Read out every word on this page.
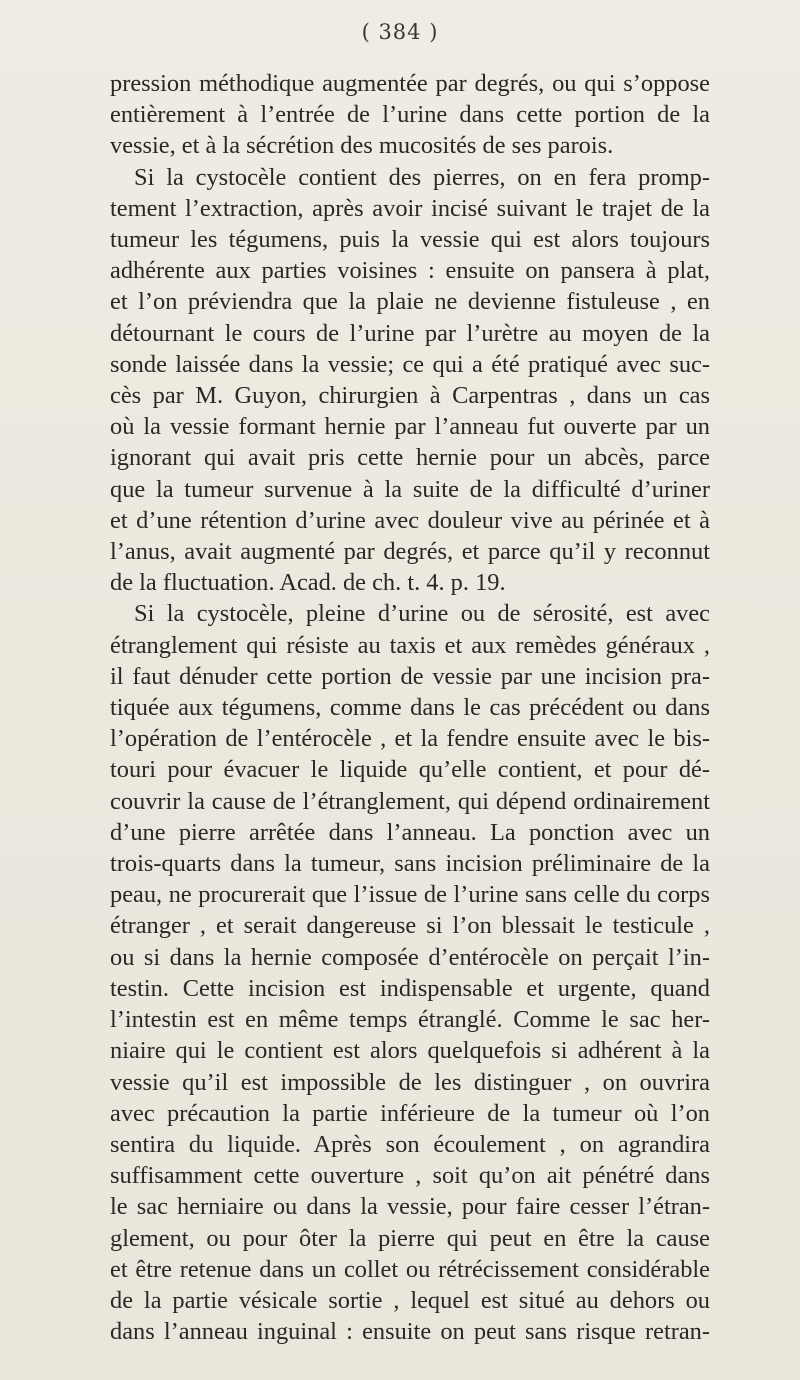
( 384 )
pression méthodique augmentée par degrés, ou qui s’oppose
entièrement à l’entrée de l’urine dans cette portion de la
vessie, et à la sécrétion des mucosités de ses parois.
Si la cystocèle contient des pierres, on en fera promp-
tement l’extraction, après avoir incisé suivant le trajet de la
tumeur les tégumens, puis la vessie qui est alors toujours
adhérente aux parties voisines : ensuite on pansera à plat,
et l’on préviendra que la plaie ne devienne fistuleuse , en
détournant le cours de l’urine par l’urètre au moyen de la
sonde laissée dans la vessie; ce qui a été pratiqué avec suc-
cès par M. Guyon, chirurgien à Carpentras , dans un cas
où la vessie formant hernie par l’anneau fut ouverte par un
ignorant qui avait pris cette hernie pour un abcès, parce
que la tumeur survenue à la suite de la difficulté d’uriner
et d’une rétention d’urine avec douleur vive au périnée et à
l’anus, avait augmenté par degrés, et parce qu’il y reconnut
de la fluctuation. Acad. de ch. t. 4. p. 19.
Si la cystocèle, pleine d’urine ou de sérosité, est avec
étranglement qui résiste au taxis et aux remèdes généraux ,
il faut dénuder cette portion de vessie par une incision pra-
tiquée aux tégumens, comme dans le cas précédent ou dans
l’opération de l’entérocèle , et la fendre ensuite avec le bis-
touri pour évacuer le liquide qu’elle contient, et pour dé-
couvrir la cause de l’étranglement, qui dépend ordinairement
d’une pierre arrêtée dans l’anneau. La ponction avec un
trois-quarts dans la tumeur, sans incision préliminaire de la
peau, ne procurerait que l’issue de l’urine sans celle du corps
étranger , et serait dangereuse si l’on blessait le testicule ,
ou si dans la hernie composée d’entérocèle on perçait l’in-
testin. Cette incision est indispensable et urgente, quand
l’intestin est en même temps étranglé. Comme le sac her-
niaire qui le contient est alors quelquefois si adhérent à la
vessie qu’il est impossible de les distinguer , on ouvrira
avec précaution la partie inférieure de la tumeur où l’on
sentira du liquide. Après son écoulement , on agrandira
suffisamment cette ouverture , soit qu’on ait pénétré dans
le sac herniaire ou dans la vessie, pour faire cesser l’étran-
glement, ou pour ôter la pierre qui peut en être la cause
et être retenue dans un collet ou rétrécissement considérable
de la partie vésicale sortie , lequel est situé au dehors ou
dans l’anneau inguinal : ensuite on peut sans risque retran-
